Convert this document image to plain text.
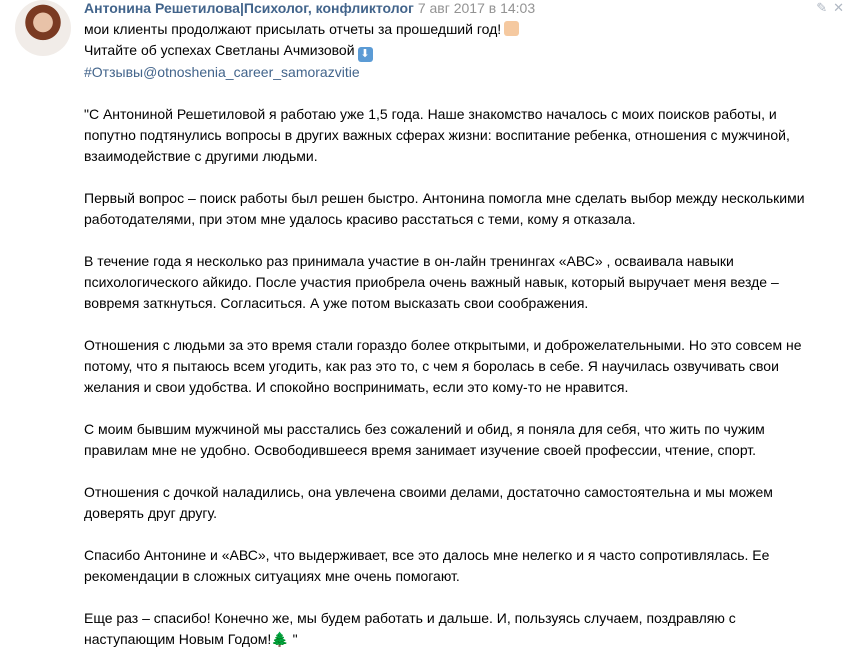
Антонина Решетилова|Психолог, конфликтолог 7 авг 2017 в 14:03	✎✕
мои клиенты продолжают присылать отчеты за прошедший год!
Читайте об успехах Светланы Ачмизовой ⬇
#Отзывы@otnoshenia_career_samorazvitie
"С Антониной Решетиловой я работаю уже 1,5 года. Наше знакомство началось с моих поисков работы, и
попутно подтянулись вопросы в других важных сферах жизни: воспитание ребенка, отношения с мужчиной,
взаимодействие с другими людьми.
Первый вопрос – поиск работы был решен быстро. Антонина помогла мне сделать выбор между несколькими
работодателями, при этом мне удалось красиво расстаться с теми, кому я отказала.
В течение года я несколько раз принимала участие в он-лайн тренингах «АВС» , осваивала навыки
психологического айкидо. После участия приобрела очень важный навык, который выручает меня везде –
вовремя заткнуться. Согласиться. А уже потом высказать свои соображения.
Отношения с людьми за это время стали гораздо более открытыми, и доброжелательными. Но это совсем не
потому, что я пытаюсь всем угодить, как раз это то, с чем я боролась в себе. Я научилась озвучивать свои
желания и свои удобства. И спокойно воспринимать, если это кому-то не нравится.
С моим бывшим мужчиной мы расстались без сожалений и обид, я поняла для себя, что жить по чужим
правилам мне не удобно. Освободившееся время занимает изучение своей профессии, чтение, спорт.
Отношения с дочкой наладились, она увлечена своими делами, достаточно самостоятельна и мы можем
доверять друг другу.
Спасибо Антонине и «АВС», что выдерживает, все это далось мне нелегко и я часто сопротивлялась. Ее
рекомендации в сложных ситуациях мне очень помогают.
Еще раз – спасибо! Конечно же, мы будем работать и дальше. И, пользуясь случаем, поздравляю с
наступающим Новым Годом!🌲 "
